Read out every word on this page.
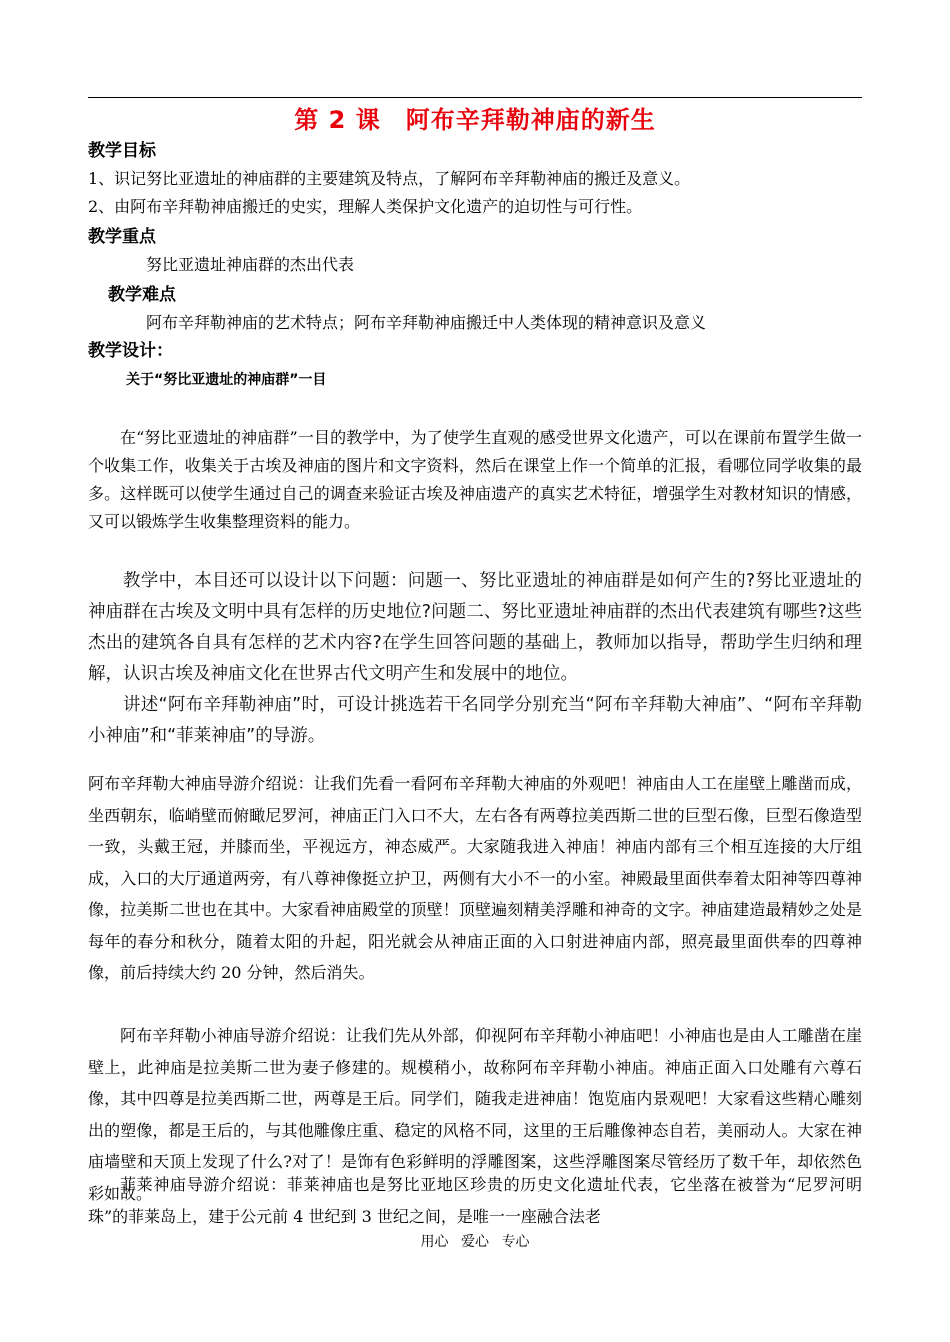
第 2 课　阿布辛拜勒神庙的新生
教学目标
1、识记努比亚遗址的神庙群的主要建筑及特点，了解阿布辛拜勒神庙的搬迁及意义。
2、由阿布辛拜勒神庙搬迁的史实，理解人类保护文化遗产的迫切性与可行性。
教学重点
努比亚遗址神庙群的杰出代表
教学难点
阿布辛拜勒神庙的艺术特点；阿布辛拜勒神庙搬迁中人类体现的精神意识及意义
教学设计：
关于“努比亚遗址的神庙群”一目
在“努比亚遗址的神庙群”一目的教学中，为了使学生直观的感受世界文化遗产，可以在课前布置学生做一个收集工作，收集关于古埃及神庙的图片和文字资料，然后在课堂上作一个简单的汇报，看哪位同学收集的最多。这样既可以使学生通过自己的调查来验证古埃及神庙遗产的真实艺术特征，增强学生对教材知识的情感，又可以锻炼学生收集整理资料的能力。
教学中，本目还可以设计以下问题：问题一、努比亚遗址的神庙群是如何产生的?努比亚遗址的神庙群在古埃及文明中具有怎样的历史地位?问题二、努比亚遗址神庙群的杰出代表建筑有哪些?这些杰出的建筑各自具有怎样的艺术内容?在学生回答问题的基础上，教师加以指导，帮助学生归纳和理解，认识古埃及神庙文化在世界古代文明产生和发展中的地位。
讲述“阿布辛拜勒神庙”时，可设计挑选若干名同学分别充当“阿布辛拜勒大神庙”、“阿布辛拜勒小神庙”和“菲莱神庙”的导游。
阿布辛拜勒大神庙导游介绍说：让我们先看一看阿布辛拜勒大神庙的外观吧！神庙由人工在崖壁上雕凿而成，坐西朝东，临峭壁而俯瞰尼罗河，神庙正门入口不大，左右各有两尊拉美西斯二世的巨型石像，巨型石像造型一致，头戴王冠，并膝而坐，平视远方，神态威严。大家随我进入神庙！神庙内部有三个相互连接的大厅组成，入口的大厅通道两旁，有八尊神像挺立护卫，两侧有大小不一的小室。神殿最里面供奉着太阳神等四尊神像，拉美斯二世也在其中。大家看神庙殿堂的顶壁！顶壁遍刻精美浮雕和神奇的文字。神庙建造最精妙之处是每年的春分和秋分，随着太阳的升起，阳光就会从神庙正面的入口射进神庙内部，照亮最里面供奉的四尊神像，前后持续大约 20 分钟，然后消失。
阿布辛拜勒小神庙导游介绍说：让我们先从外部，仰视阿布辛拜勒小神庙吧！小神庙也是由人工雕凿在崖壁上，此神庙是拉美斯二世为妻子修建的。规模稍小，故称阿布辛拜勒小神庙。神庙正面入口处雕有六尊石像，其中四尊是拉美西斯二世，两尊是王后。同学们，随我走进神庙！饱览庙内景观吧！大家看这些精心雕刻出的塑像，都是王后的，与其他雕像庄重、稳定的风格不同，这里的王后雕像神态自若，美丽动人。大家在神庙墙壁和天顶上发现了什么?对了！是饰有色彩鲜明的浮雕图案，这些浮雕图案尽管经历了数千年，却依然色彩如故。
菲莱神庙导游介绍说：菲莱神庙也是努比亚地区珍贵的历史文化遗址代表，它坐落在被誉为“尼罗河明珠”的菲莱岛上，建于公元前 4 世纪到 3 世纪之间，是唯一一座融合法老
用心 爱心 专心
